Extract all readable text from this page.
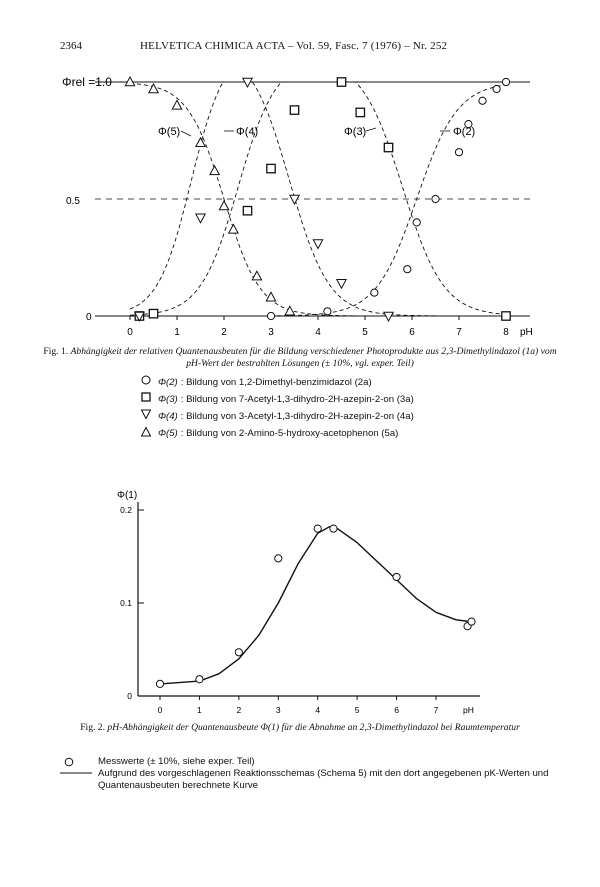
2364	HELVETICA CHIMICA ACTA – Vol. 59, Fasc. 7 (1976) – Nr. 252
0	1	2	3	4	5	6	7	8
Φrel =1.0
0.5
0
pH
Φ(5)	Φ(4)	Φ(3)	Φ(2)
Fig. 1. Abhängigkeit der relativen Quantenausbeuten für die Bildung verschiedener Photoprodukte aus 2,3-Dimethylindazol (1a) vom pH-Wert der bestrahlten Lösungen (± 10%, vgl. exper. Teil)
Φ(2) : Bildung von 1,2-Dimethyl-benzimidazol (2a)
Φ(3) : Bildung von 7-Acetyl-1,3-dihydro-2H-azepin-2-on (3a)
Φ(4) : Bildung von 3-Acetyl-1,3-dihydro-2H-azepin-2-on (4a)
Φ(5) : Bildung von 2-Amino-5-hydroxy-acetophenon (5a)
0.2
0.1
0
0	1	2	3	4	5	6	7
Φ(1)
pH
Fig. 2. pH-Abhängigkeit der Quantenausbeute Φ(1) für die Abnahme an 2,3-Dimethylindazol bei Raumtemperatur
Messwerte (± 10%, siehe exper. Teil)
Aufgrund des vorgeschlagenen Reaktionsschemas (Schema 5) mit den dort angegebenen pK-Werten und Quantenausbeuten berechnete Kurve
